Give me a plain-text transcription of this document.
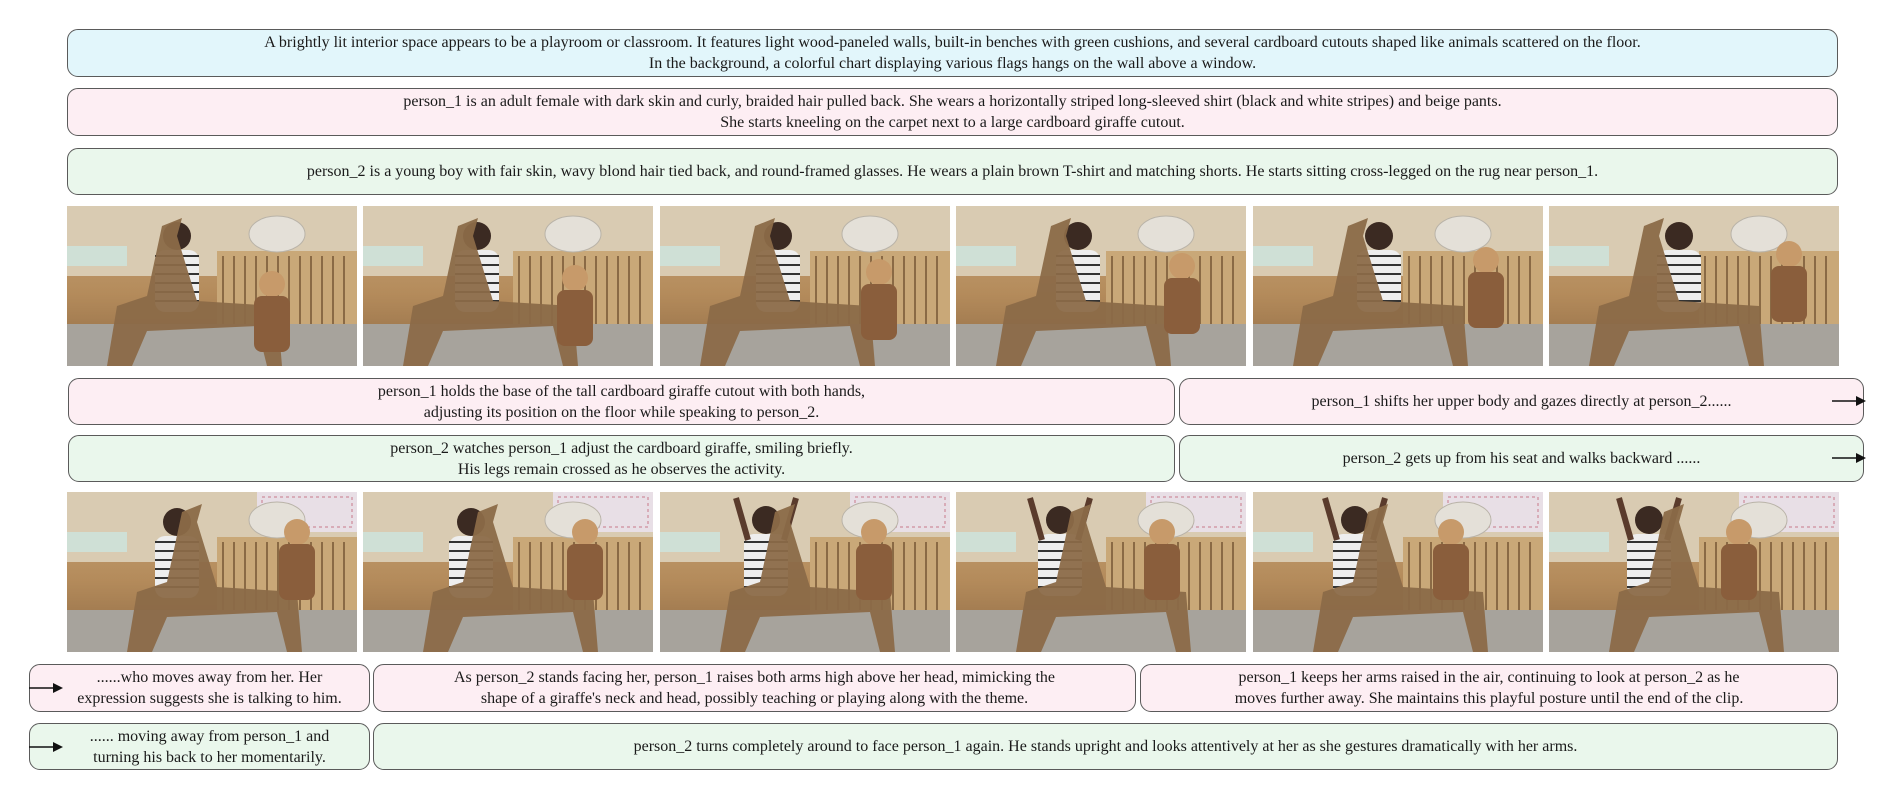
A brightly lit interior space appears to be a playroom or classroom. It features light wood-paneled walls, built-in benches with green cushions, and several cardboard cutouts shaped like animals scattered on the floor.
In the background, a colorful chart displaying various flags hangs on the wall above a window.
person_1 is an adult female with dark skin and curly, braided hair pulled back. She wears a horizontally striped long-sleeved shirt (black and white stripes) and beige pants.
She starts kneeling on the carpet next to a large cardboard giraffe cutout.
person_2 is a young boy with fair skin, wavy blond hair tied back, and round-framed glasses. He wears a plain brown T-shirt and matching shorts. He starts sitting cross-legged on the rug near person_1.
person_1 holds the base of the tall cardboard giraffe cutout with both hands,
adjusting its position on the floor while speaking to person_2.
person_1 shifts her upper body and gazes directly at person_2......
person_2 watches person_1 adjust the cardboard giraffe, smiling briefly.
His legs remain crossed as he observes the activity.
person_2 gets up from his seat and walks backward ......
......who moves away from her. Her
expression suggests she is talking to him.
As person_2 stands facing her, person_1 raises both arms high above her head, mimicking the
shape of a giraffe's neck and head, possibly teaching or playing along with the theme.
person_1 keeps her arms raised in the air, continuing to look at person_2 as he
moves further away. She maintains this playful posture until the end of the clip.
...... moving away from person_1 and
turning his back to her momentarily.
person_2 turns completely around to face person_1 again. He stands upright and looks attentively at her as she gestures dramatically with her arms.
